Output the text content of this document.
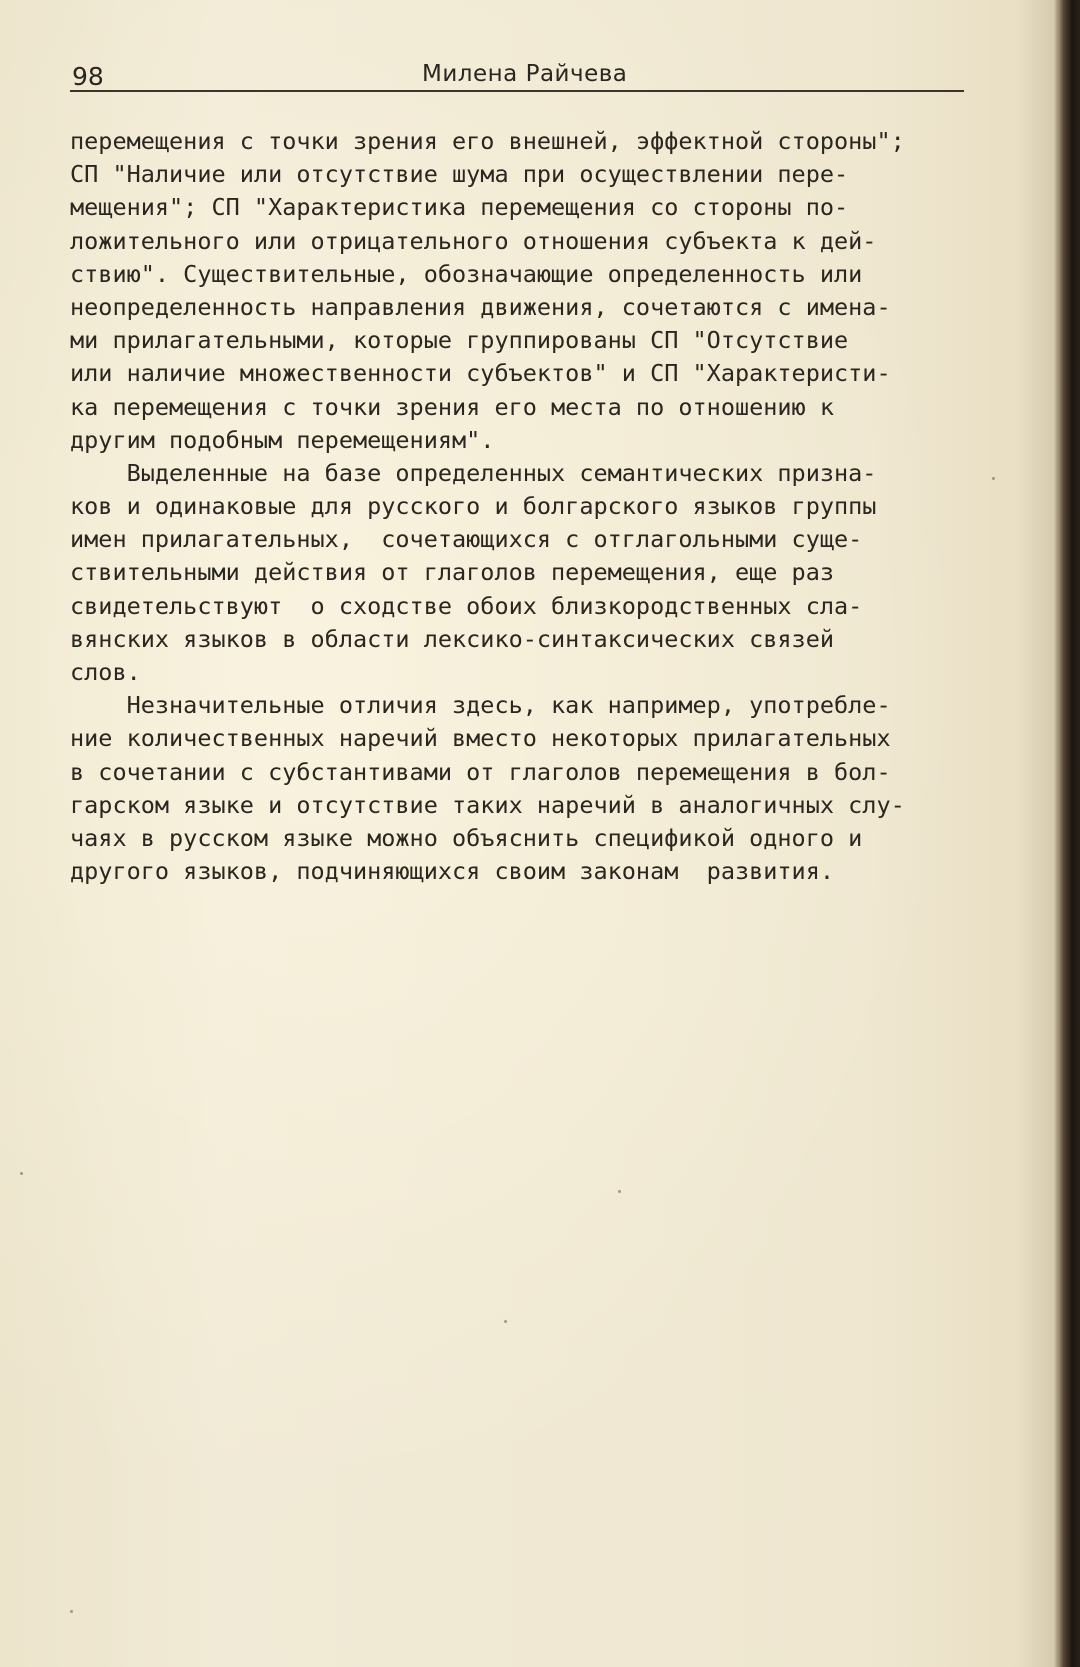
98	Милена Райчева
перемещения с точки зрения его внешней, эффектной стороны";
СП "Наличие или отсутствие шума при осуществлении пере-
мещения"; СП "Характеристика перемещения со стороны по-
ложительного или отрицательного отношения субъекта к дей-
ствию". Существительные, обозначающие определенность или
неопределенность направления движения, сочетаются с имена-
ми прилагательными, которые группированы СП "Отсутствие
или наличие множественности субъектов" и СП "Характеристи-
ка перемещения с точки зрения его места по отношению к
другим подобным перемещениям".
Выделенные на базе определенных семантических призна-
ков и одинаковые для русского и болгарского языков группы
имен прилагательных,  сочетающихся с отглагольными суще-
ствительными действия от глаголов перемещения, еще раз
свидетельствуют  о сходстве обоих близкородственных сла-
вянских языков в области лексико-синтаксических связей
слов.
Незначительные отличия здесь, как например, употребле-
ние количественных наречий вместо некоторых прилагательных
в сочетании с субстантивами от глаголов перемещения в бол-
гарском языке и отсутствие таких наречий в аналогичных слу-
чаях в русском языке можно объяснить спецификой одного и
другого языков, подчиняющихся своим законам  развития.
